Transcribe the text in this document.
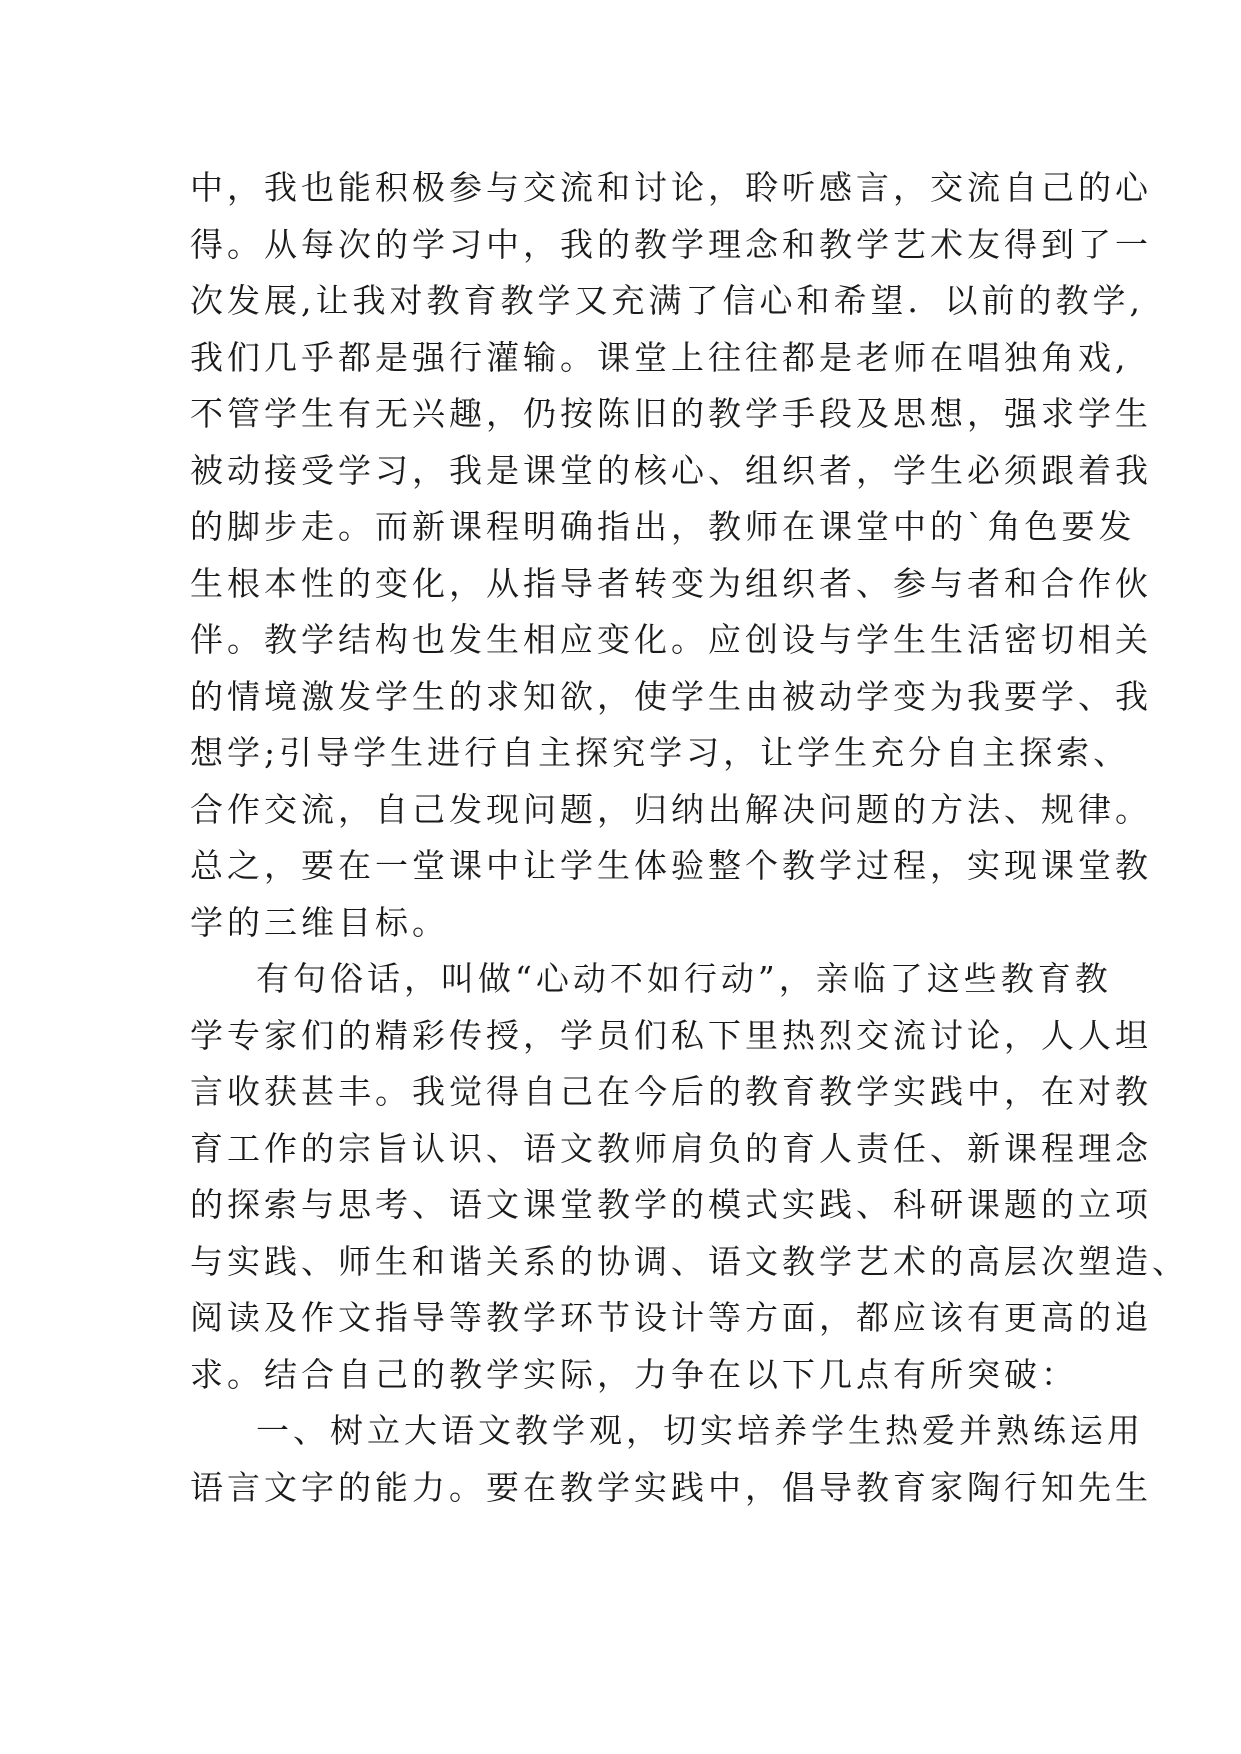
中，我也能积极参与交流和讨论，聆听感言，交流自己的心
得。从每次的学习中，我的教学理念和教学艺术友得到了一
次发展,让我对教育教学又充满了信心和希望．以前的教学,
我们几乎都是强行灌输。课堂上往往都是老师在唱独角戏,
不管学生有无兴趣，仍按陈旧的教学手段及思想，强求学生
被动接受学习，我是课堂的核心、组织者，学生必须跟着我
的脚步走。而新课程明确指出，教师在课堂中的`角色要发
生根本性的变化，从指导者转变为组织者、参与者和合作伙
伴。教学结构也发生相应变化。应创设与学生生活密切相关
的情境激发学生的求知欲，使学生由被动学变为我要学、我
想学;引导学生进行自主探究学习，让学生充分自主探索、
合作交流，自己发现问题，归纳出解决问题的方法、规律。
总之，要在一堂课中让学生体验整个教学过程，实现课堂教
学的三维目标。
有句俗话，叫做“心动不如行动”，亲临了这些教育教
学专家们的精彩传授，学员们私下里热烈交流讨论，人人坦
言收获甚丰。我觉得自己在今后的教育教学实践中，在对教
育工作的宗旨认识、语文教师肩负的育人责任、新课程理念
的探索与思考、语文课堂教学的模式实践、科研课题的立项
与实践、师生和谐关系的协调、语文教学艺术的高层次塑造、
阅读及作文指导等教学环节设计等方面，都应该有更高的追
求。结合自己的教学实际，力争在以下几点有所突破：
一、树立大语文教学观，切实培养学生热爱并熟练运用
语言文字的能力。要在教学实践中，倡导教育家陶行知先生
